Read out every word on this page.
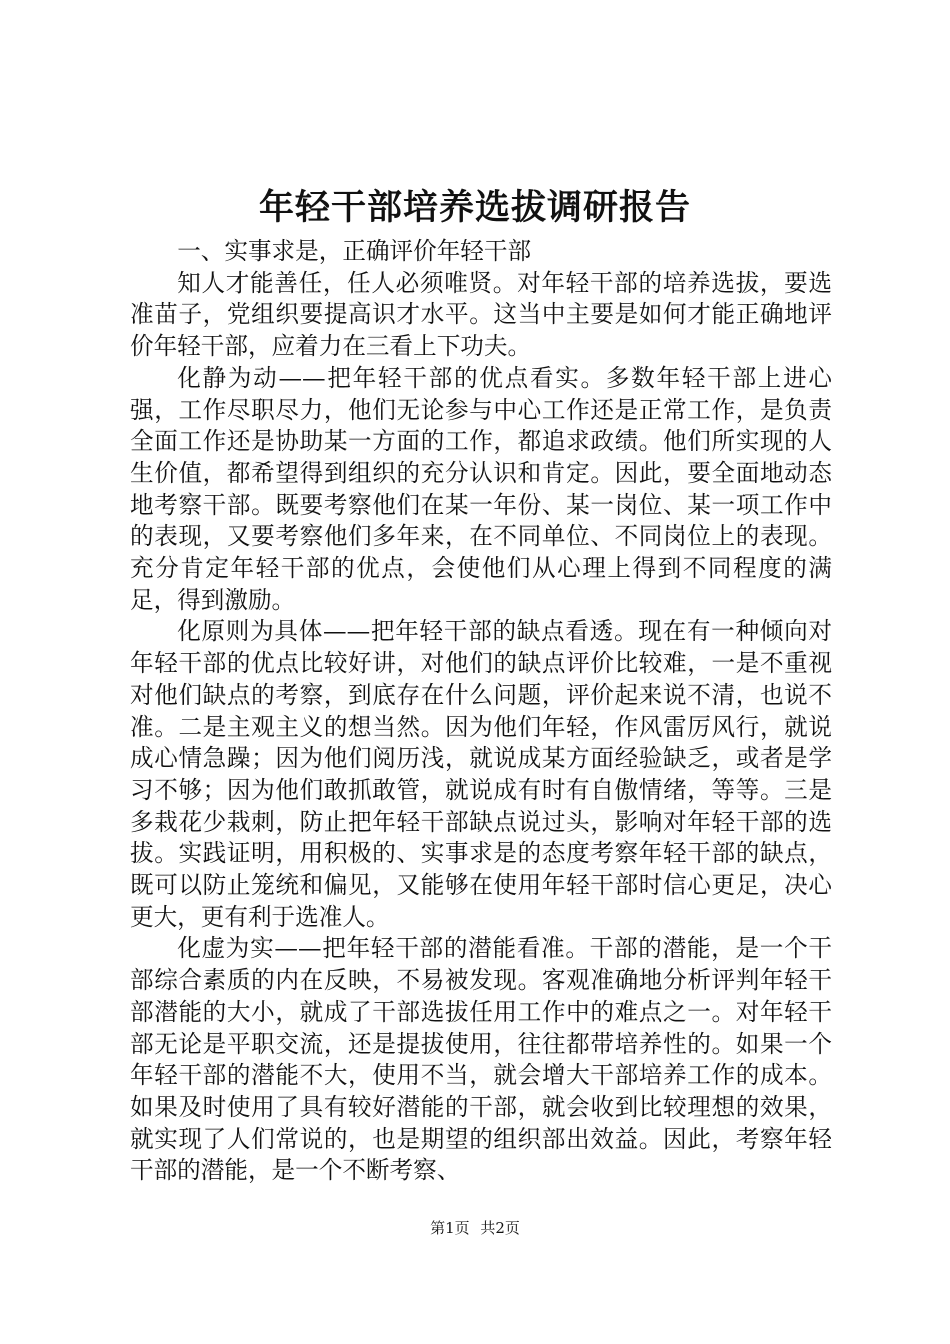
年轻干部培养选拔调研报告

一、实事求是，正确评价年轻干部

知人才能善任，任人必须唯贤。对年轻干部的培养选拔，要选准苗子，党组织要提高识才水平。这当中主要是如何才能正确地评价年轻干部，应着力在三看上下功夫。

化静为动——把年轻干部的优点看实。多数年轻干部上进心强，工作尽职尽力，他们无论参与中心工作还是正常工作，是负责全面工作还是协助某一方面的工作，都追求政绩。他们所实现的人生价值，都希望得到组织的充分认识和肯定。因此，要全面地动态地考察干部。既要考察他们在某一年份、某一岗位、某一项工作中的表现，又要考察他们多年来，在不同单位、不同岗位上的表现。充分肯定年轻干部的优点，会使他们从心理上得到不同程度的满足，得到激励。

化原则为具体——把年轻干部的缺点看透。现在有一种倾向对年轻干部的优点比较好讲，对他们的缺点评价比较难，一是不重视对他们缺点的考察，到底存在什么问题，评价起来说不清，也说不准。二是主观主义的想当然。因为他们年轻，作风雷厉风行，就说成心情急躁；因为他们阅历浅，就说成某方面经验缺乏，或者是学习不够；因为他们敢抓敢管，就说成有时有自傲情绪，等等。三是多栽花少栽刺，防止把年轻干部缺点说过头，影响对年轻干部的选拔。实践证明，用积极的、实事求是的态度考察年轻干部的缺点，既可以防止笼统和偏见，又能够在使用年轻干部时信心更足，决心更大，更有利于选准人。

化虚为实——把年轻干部的潜能看准。干部的潜能，是一个干部综合素质的内在反映，不易被发现。客观准确地分析评判年轻干部潜能的大小，就成了干部选拔任用工作中的难点之一。对年轻干部无论是平职交流，还是提拔使用，往往都带培养性的。如果一个年轻干部的潜能不大，使用不当，就会增大干部培养工作的成本。如果及时使用了具有较好潜能的干部，就会收到比较理想的效果，就实现了人们常说的，也是期望的组织部出效益。因此，考察年轻干部的潜能，是一个不断考察、

第1页 共2页
